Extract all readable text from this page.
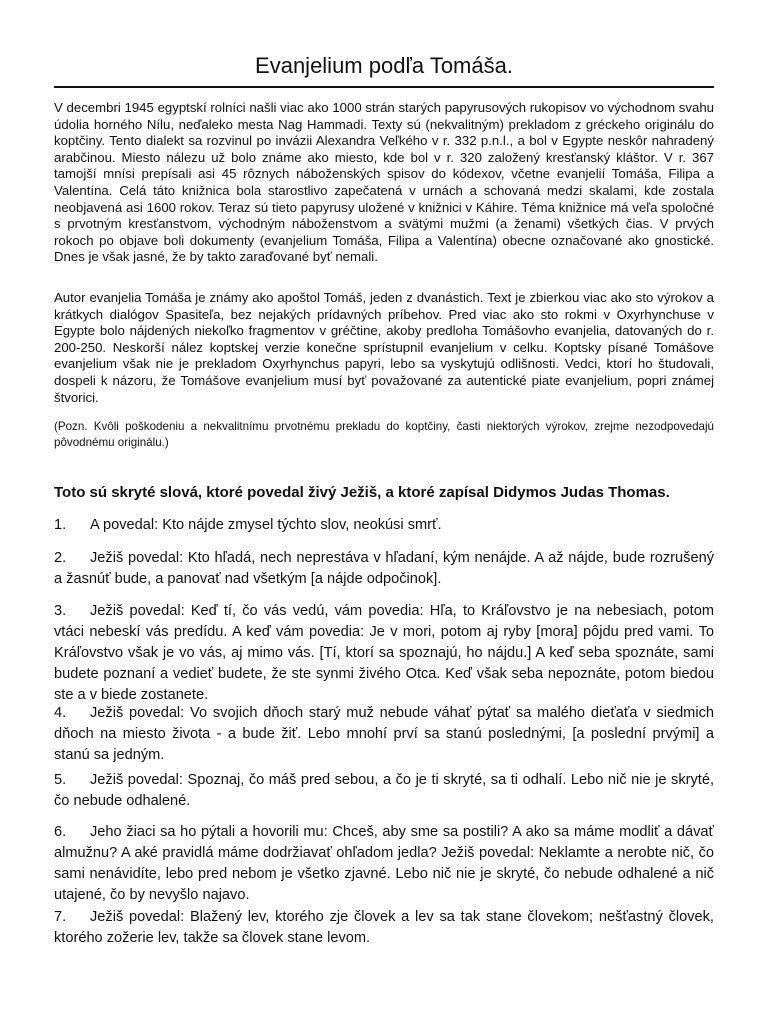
Evanjelium podľa Tomáša.

V decembri 1945 egyptskí rolníci našli viac ako 1000 strán starých papyrusových rukopisov vo východnom svahu údolia horného Nílu, neďaleko mesta Nag Hammadi. Texty sú (nekvalitným) prekladom z gréckeho originálu do koptčiny. Tento dialekt sa rozvinul po invázii Alexandra Veľkého v r. 332 p.n.l., a bol v Egypte neskôr nahradený arabčinou. Miesto nálezu už bolo známe ako miesto, kde bol v r. 320 založený kresťanský kláštor. V r. 367 tamojší mnísi prepísali asi 45 rôznych náboženských spisov do kódexov, včetne evanjelií Tomáša, Filipa a Valentína. Celá táto knižnica bola starostlivo zapečatená v urnách a schovaná medzi skalami, kde zostala neobjavená asi 1600 rokov. Teraz sú tieto papyrusy uložené v knižnici v Káhire. Téma knižnice má veľa spoločné s prvotným kresťanstvom, východným náboženstvom a svätými mužmi (a ženami) všetkých čias. V prvých rokoch po objave boli dokumenty (evanjelium Tomáša, Filipa a Valentína) obecne označované ako gnostické. Dnes je však jasné, že by takto zaraďované byť nemali.

Autor evanjelia Tomáša je známy ako apoštol Tomáš, jeden z dvanástich. Text je zbierkou viac ako sto výrokov a krátkych dialógov Spasiteľa, bez nejakých prídavných príbehov. Pred viac ako sto rokmi v Oxyrhynchuse v Egypte bolo nájdených niekoľko fragmentov v gréčtine, akoby predloha Tomášovho evanjelia, datovaných do r. 200-250. Neskorší nález koptskej verzie konečne sprístupnil evanjelium v celku. Koptsky písané Tomášove evanjelium však nie je prekladom Oxyrhynchus papyri, lebo sa vyskytujú odlišnosti. Vedci, ktorí ho študovali, dospeli k názoru, že Tomášove evanjelium musí byť považované za autentické piate evanjelium, popri známej štvorici.

(Pozn. Kvôli poškodeniu a nekvalitnímu prvotnému prekladu do koptčiny, časti niektorých výrokov, zrejme nezodpovedajú pôvodnému originálu.)

Toto sú skryté slová, ktoré povedal živý Ježiš, a ktoré zapísal Didymos Judas Thomas.

1. A povedal: Kto nájde zmysel týchto slov, neokúsi smrť.

2. Ježiš povedal: Kto hľadá, nech neprestáva v hľadaní, kým nenájde. A až nájde, bude rozrušený a žasnúť bude, a panovať nad všetkým [a nájde odpočinok].

3. Ježiš povedal: Keď tí, čo vás vedú, vám povedia: Hľa, to Kráľovstvo je na nebesiach, potom vtáci nebeskí vás predídu. A keď vám povedia: Je v mori, potom aj ryby [mora] pôjdu pred vami. To Kráľovstvo však je vo vás, aj mimo vás. [Tí, ktorí sa spoznajú, ho nájdu.] A keď seba spoznáte, sami budete poznaní a vedieť budete, že ste synmi živého Otca. Keď však seba nepoznáte, potom biedou ste a v biede zostanete.

4. Ježiš povedal: Vo svojich dňoch starý muž nebude váhať pýtať sa malého dieťaťa v siedmich dňoch na miesto života - a bude žiť. Lebo mnohí prví sa stanú poslednými, [a poslední prvými] a stanú sa jedným.

5. Ježiš povedal: Spoznaj, čo máš pred sebou, a čo je ti skryté, sa ti odhalí. Lebo nič nie je skryté, čo nebude odhalené.

6. Jeho žiaci sa ho pýtali a hovorili mu: Chceš, aby sme sa postili? A ako sa máme modliť a dávať almužnu? A aké pravidlá máme dodržiavať ohľadom jedla? Ježiš povedal: Neklamte a nerobte nič, čo sami nenávidíte, lebo pred nebom je všetko zjavné. Lebo nič nie je skryté, čo nebude odhalené a nič utajené, čo by nevyšlo najavo.

7. Ježiš povedal: Blažený lev, ktorého zje človek a lev sa tak stane človekom; nešťastný človek, ktorého zožerie lev, takže sa človek stane levom.
